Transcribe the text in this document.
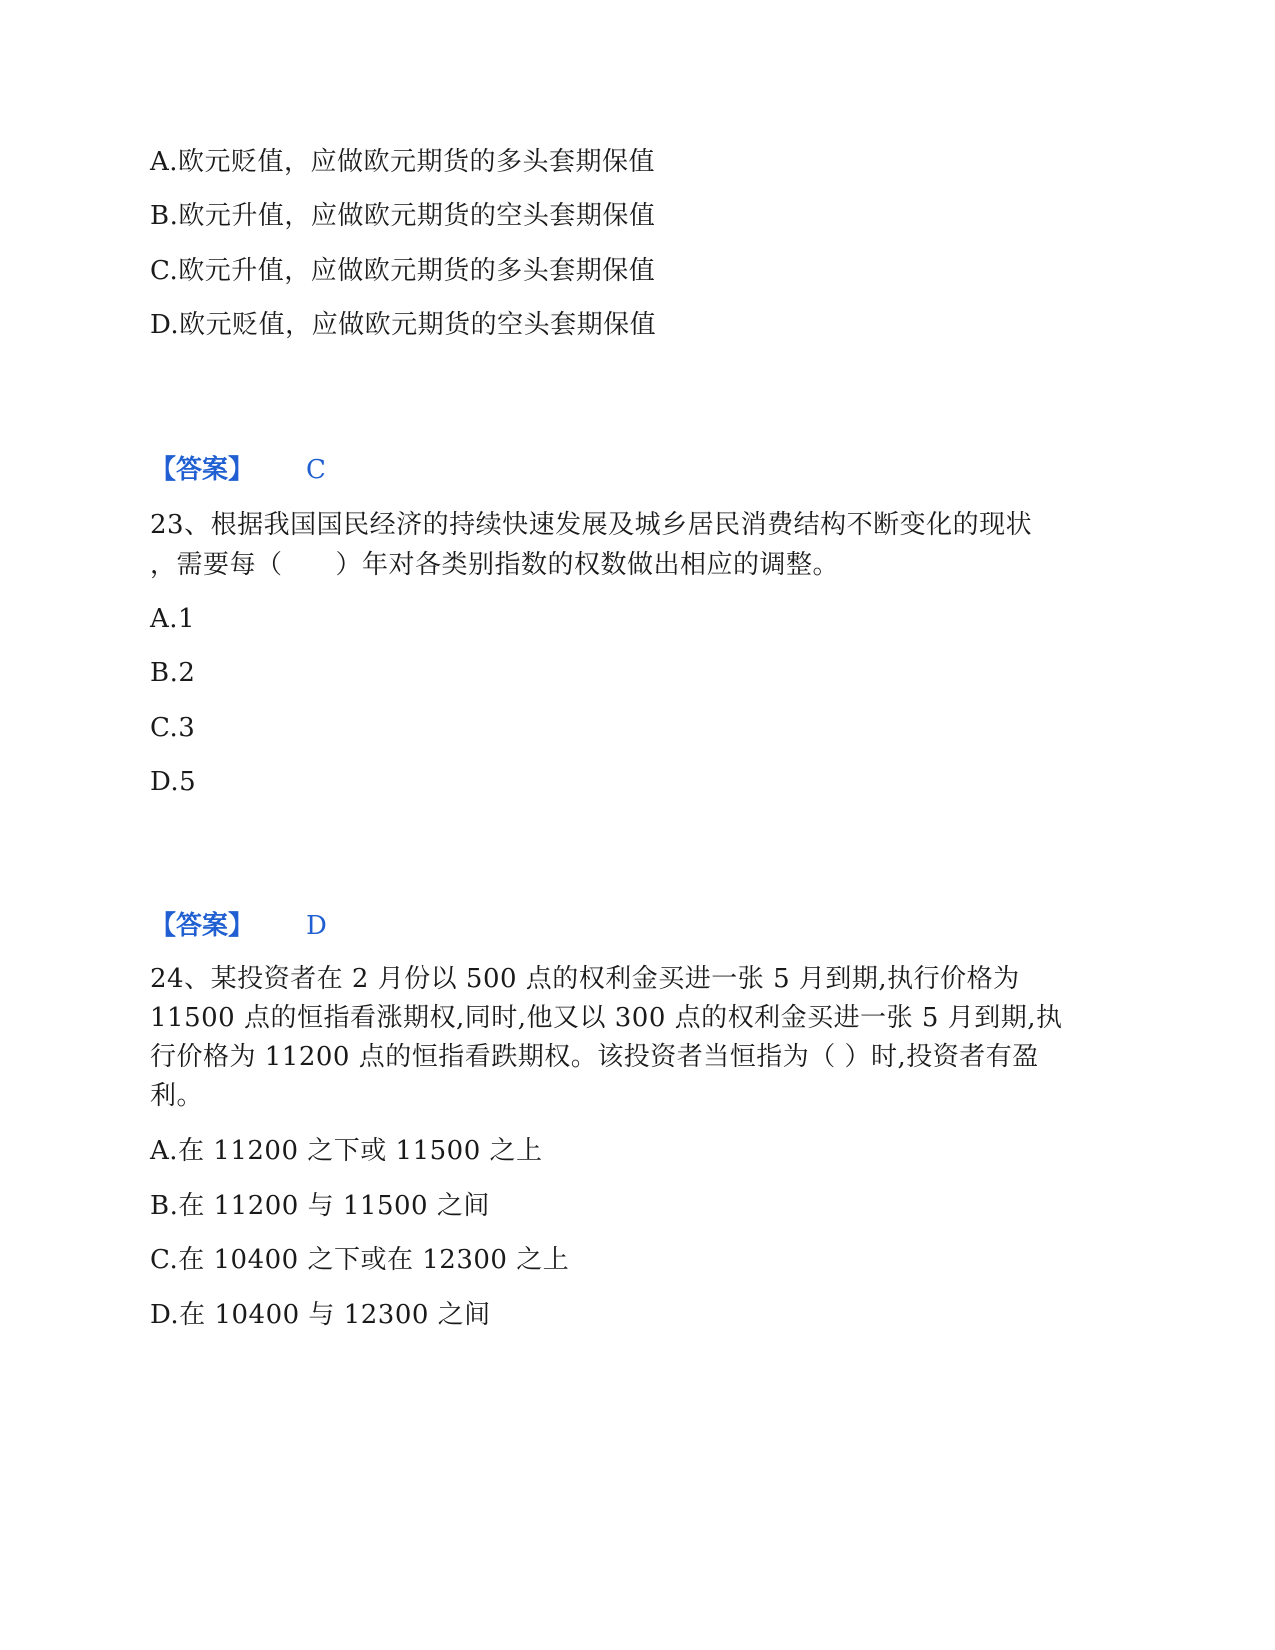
A.欧元贬值，应做欧元期货的多头套期保值
B.欧元升值，应做欧元期货的空头套期保值
C.欧元升值，应做欧元期货的多头套期保值
D.欧元贬值，应做欧元期货的空头套期保值
【答案】 C
23、根据我国国民经济的持续快速发展及城乡居民消费结构不断变化的现状
，需要每（　　）年对各类别指数的权数做出相应的调整。
A.1
B.2
C.3
D.5
【答案】 D
24、某投资者在 2 月份以 500 点的权利金买进一张 5 月到期,执行价格为
11500 点的恒指看涨期权,同时,他又以 300 点的权利金买进一张 5 月到期,执
行价格为 11200 点的恒指看跌期权。该投资者当恒指为（ ）时,投资者有盈
利。
A.在 11200 之下或 11500 之上
B.在 11200 与 11500 之间
C.在 10400 之下或在 12300 之上
D.在 10400 与 12300 之间
